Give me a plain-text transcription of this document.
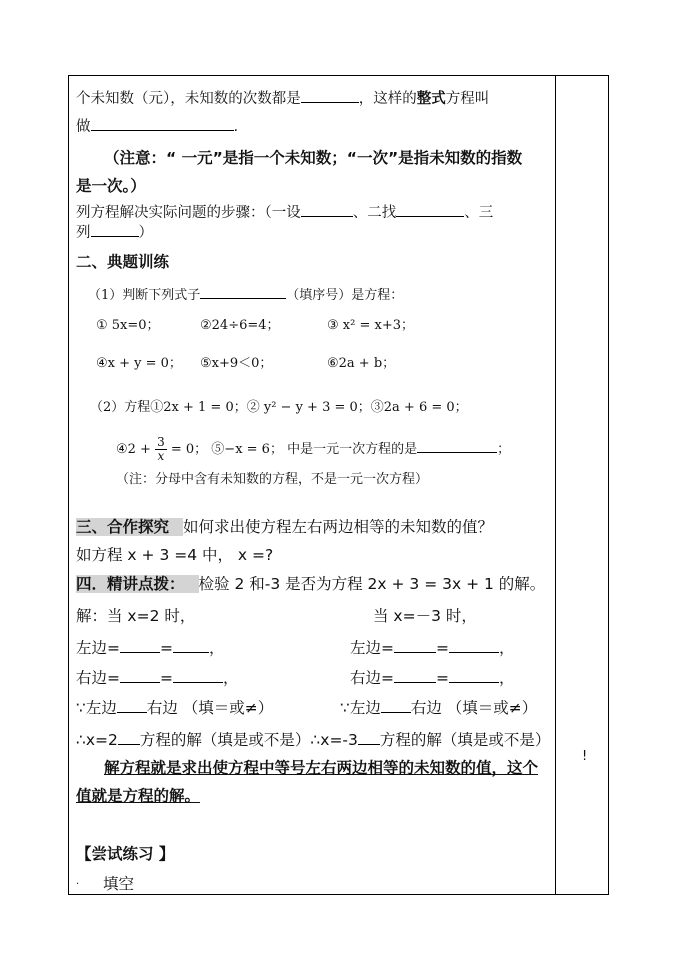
个未知数（元），未知数的次数都是	，这样的整式方程叫
做	.
（注意：“ 一元”是指一个未知数；“一次”是指未知数的指数
是一次。）
列方程解决实际问题的步骤：（一设	、二找	、三
列	）
二、典题训练
（1）判断下列式子	（填序号）是方程：
① 5x=0；	②24÷6=4；	③ x² = x+3；
④x + y = 0； ⑤x+9＜0；	⑥2a + b；
（2）方程①2x + 1 = 0；② y² − y + 3 = 0；③2a + 6 = 0；
④2 + $\frac{3}{x} = 0$； ⑤−x = 6； 中是一元一次方程的是	；
（注：分母中含有未知数的方程，不是一元一次方程）
三、合作探究 如何求出使方程左右两边相等的未知数的值？
如方程 x + 3 =4 中， x =?
四．精讲点拨： 检验 2 和-3 是否为方程 2x + 3 = 3x + 1 的解。
解：当 x=2 时，	当 x=－3 时，
左边=	= ，	左边=	=	，
右边=	=	，	右边=	=	，
∵左边 右边 （填＝或≠）	∵左边 右边 （填＝或≠）
∴x=2 方程的解（填是或不是）∴x=-3 方程的解（填是或不是）
解方程就是求出使方程中等号左右两边相等的未知数的值，这个
值就是方程的解。
【尝试练习 】
. 填空
!
